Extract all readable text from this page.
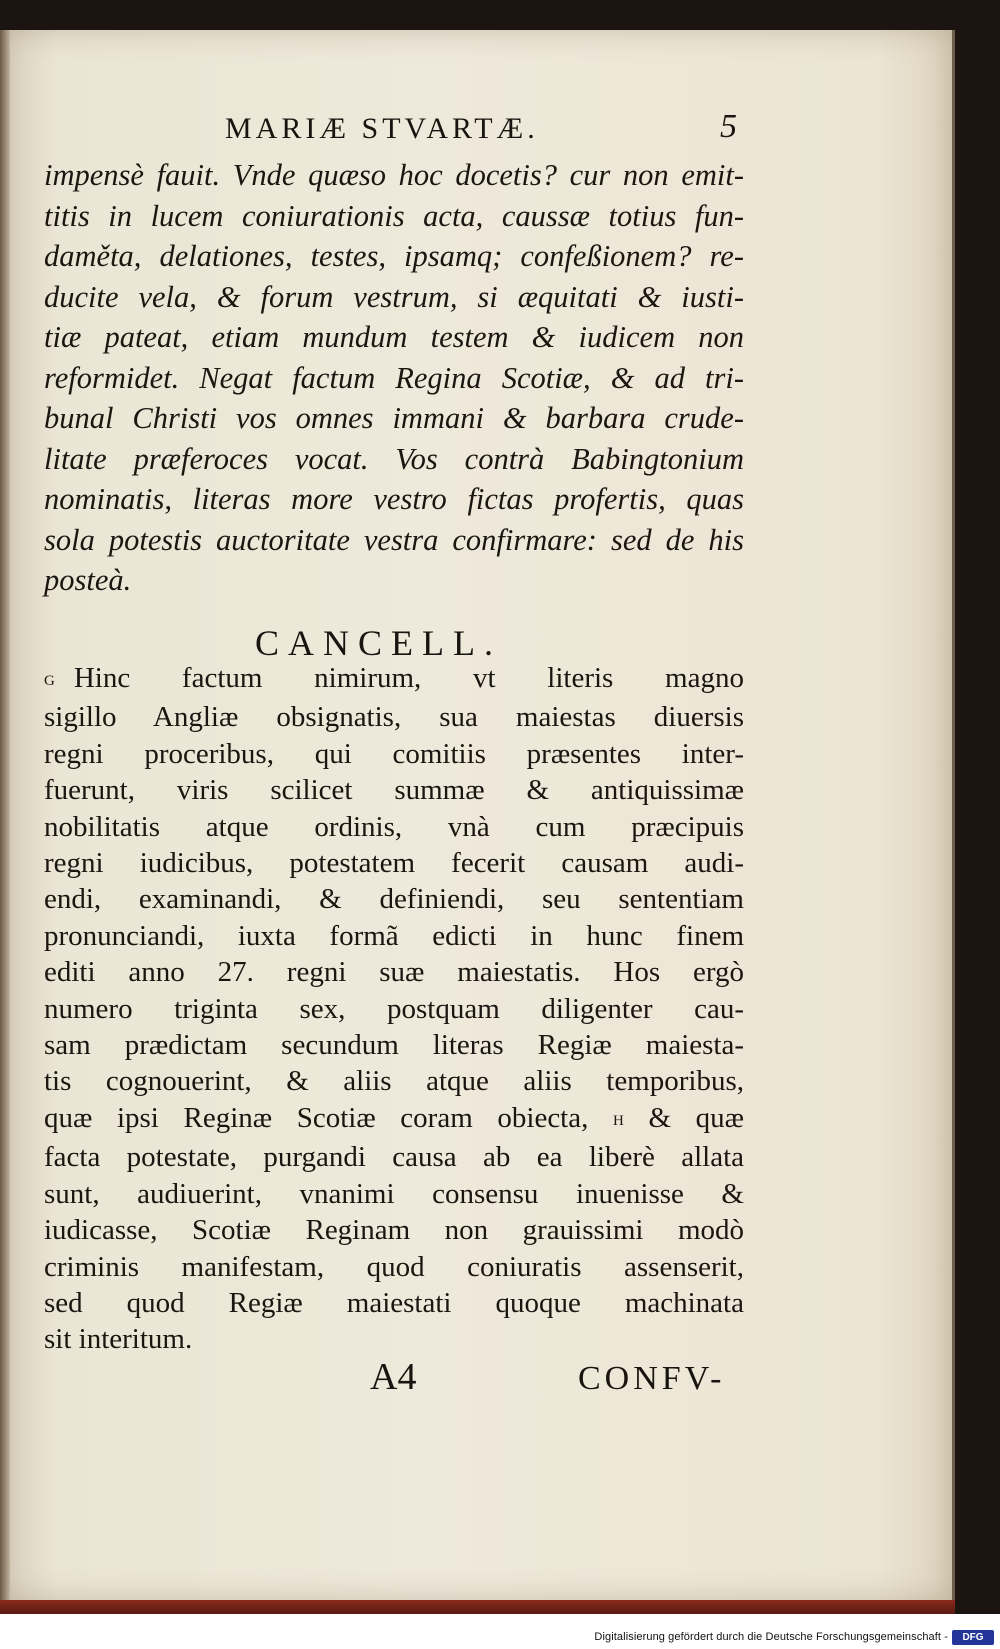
MARIÆ STVARTÆ.	5
impensè fauit. Vnde quæso hoc docetis? cur non emit-
titis in lucem coniurationis acta, caussæ totius fun-
daměta, delationes, testes, ipsamq; confeßionem? re-
ducite vela, & forum vestrum, si æquitati & iusti-
tiæ pateat, etiam mundum testem & iudicem non
reformidet. Negat factum Regina Scotiæ, & ad tri-
bunal Christi vos omnes immani & barbara crude-
litate præferoces vocat. Vos contrà Babingtonium
nominatis, literas more vestro fictas profertis, quas
sola potestis auctoritate vestra confirmare: sed de his
posteà.
CANCELL.
G Hinc factum nimirum, vt literis magno
sigillo Angliæ obsignatis, sua maiestas diuersis
regni proceribus, qui comitiis præsentes inter-
fuerunt, viris scilicet summæ & antiquissimæ
nobilitatis atque ordinis, vnà cum præcipuis
regni iudicibus, potestatem fecerit causam audi-
endi, examinandi, & definiendi, seu sententiam
pronunciandi, iuxta formã edicti in hunc finem
editi anno 27. regni suæ maiestatis. Hos ergò
numero triginta sex, postquam diligenter cau-
sam prædictam secundum literas Regiæ maiesta-
tis cognouerint, & aliis atque aliis temporibus,
quæ ipsi Reginæ Scotiæ coram obiecta, H & quæ
facta potestate, purgandi causa ab ea liberè allata
sunt, audiuerint, vnanimi consensu inuenisse &
iudicasse, Scotiæ Reginam non grauissimi modò
criminis manifestam, quod coniuratis assenserit,
sed quod Regiæ maiestati quoque machinata
sit interitum.
A4	CONFV-
Digitalisierung gefördert durch die Deutsche Forschungsgemeinschaft -	DFG
